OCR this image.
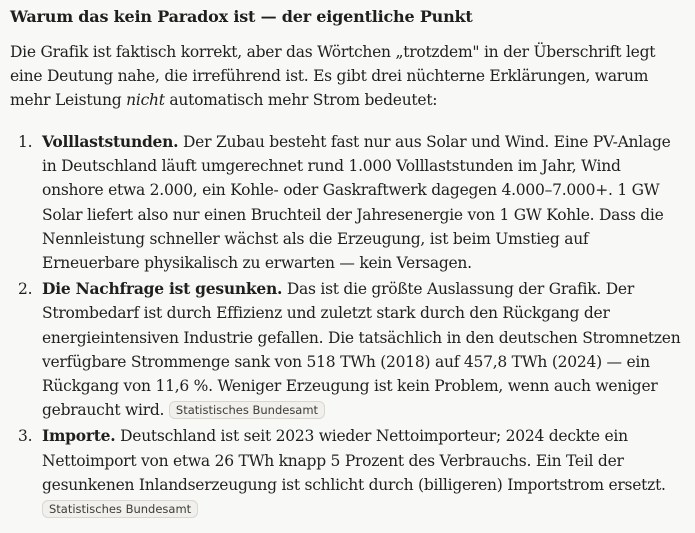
Warum das kein Paradox ist — der eigentliche Punkt

Die Grafik ist faktisch korrekt, aber das Wörtchen „trotzdem" in der Überschrift legt eine Deutung nahe, die irreführend ist. Es gibt drei nüchterne Erklärungen, warum mehr Leistung nicht automatisch mehr Strom bedeutet:

1. Volllaststunden. Der Zubau besteht fast nur aus Solar und Wind. Eine PV-Anlage in Deutschland läuft umgerechnet rund 1.000 Volllaststunden im Jahr, Wind onshore etwa 2.000, ein Kohle- oder Gaskraftwerk dagegen 4.000–7.000+. 1 GW Solar liefert also nur einen Bruchteil der Jahresenergie von 1 GW Kohle. Dass die Nennleistung schneller wächst als die Erzeugung, ist beim Umstieg auf Erneuerbare physikalisch zu erwarten — kein Versagen.
2. Die Nachfrage ist gesunken. Das ist die größte Auslassung der Grafik. Der Strombedarf ist durch Effizienz und zuletzt stark durch den Rückgang der energieintensiven Industrie gefallen. Die tatsächlich in den deutschen Stromnetzen verfügbare Strommenge sank von 518 TWh (2018) auf 457,8 TWh (2024) — ein Rückgang von 11,6 %. Weniger Erzeugung ist kein Problem, wenn auch weniger gebraucht wird. Statistisches Bundesamt
3. Importe. Deutschland ist seit 2023 wieder Nettoimporteur; 2024 deckte ein Nettoimport von etwa 26 TWh knapp 5 Prozent des Verbrauchs. Ein Teil der gesunkenen Inlandserzeugung ist schlicht durch (billigeren) Importstrom ersetzt.
Statistisches Bundesamt
